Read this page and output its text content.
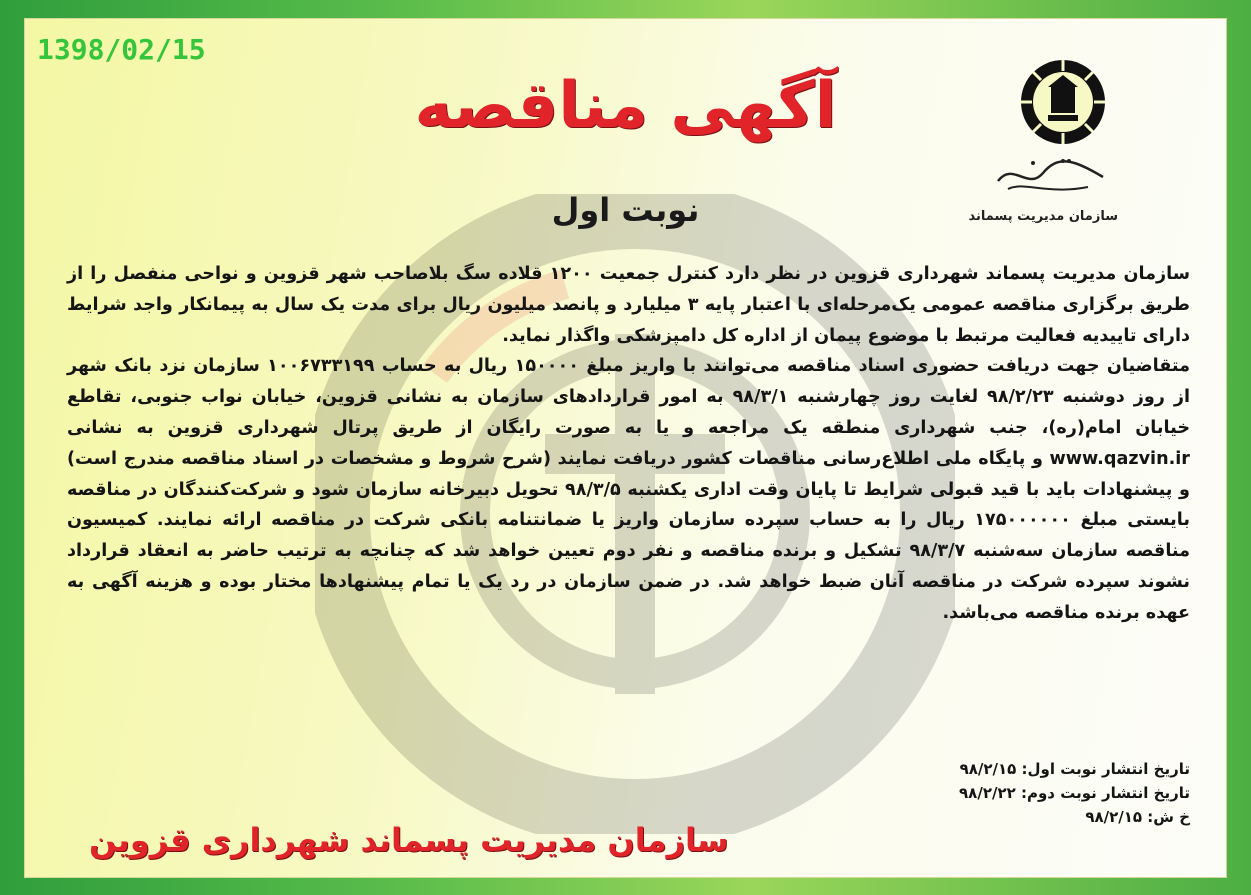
1398/02/15
سازمان مدیریت پسماند
آگهی مناقصه
نوبت اول

سازمان مدیریت پسماند شهرداری قزوین در نظر دارد کنترل جمعیت ۱۲۰۰ قلاده سگ بلاصاحب شهر قزوین و نواحی منفصل را از طریق برگزاری مناقصه عمومی یک‌مرحله‌ای با اعتبار پایه ۳ میلیارد و پانصد میلیون ریال برای مدت یک سال به پیمانکار واجد شرایط دارای تاییدیه فعالیت مرتبط با موضوع پیمان از اداره کل دامپزشکی واگذار نماید.

متقاضیان جهت دریافت حضوری اسناد مناقصه می‌توانند با واریز مبلغ ۱۵۰۰۰۰ ریال به حساب ۱۰۰۶۷۳۳۱۹۹ سازمان نزد بانک شهر از روز دوشنبه ۹۸/۲/۲۳ لغایت روز چهارشنبه ۹۸/۳/۱ به امور قراردادهای سازمان به نشانی قزوین، خیابان نواب جنوبی، تقاطع خیابان امام(ره)، جنب شهرداری منطقه یک مراجعه و یا به صورت رایگان از طریق پرتال شهرداری قزوین به نشانی www.qazvin.ir و پایگاه ملی اطلاع‌رسانی مناقصات کشور دریافت نمایند (شرح شروط و مشخصات در اسناد مناقصه مندرج است) و پیشنهادات باید با قید قبولی شرایط تا پایان وقت اداری یکشنبه ۹۸/۳/۵ تحویل دبیرخانه سازمان شود و شرکت‌کنندگان در مناقصه بایستی مبلغ ۱۷۵۰۰۰۰۰۰ ریال را به حساب سپرده سازمان واریز یا ضمانتنامه بانکی شرکت در مناقصه ارائه نمایند. کمیسیون مناقصه سازمان سه‌شنبه ۹۸/۳/۷ تشکیل و برنده مناقصه و نفر دوم تعیین خواهد شد که چنانچه به ترتیب حاضر به انعقاد قرارداد نشوند سپرده شرکت در مناقصه آنان ضبط خواهد شد. در ضمن سازمان در رد یک یا تمام پیشنهادها مختار بوده و هزینه آگهی به عهده برنده مناقصه می‌باشد.

تاریخ انتشار نوبت اول: ۹۸/۲/۱۵
تاریخ انتشار نوبت دوم: ۹۸/۲/۲۲
خ ش: ۹۸/۲/۱۵
سازمان مدیریت پسماند شهرداری قزوین
